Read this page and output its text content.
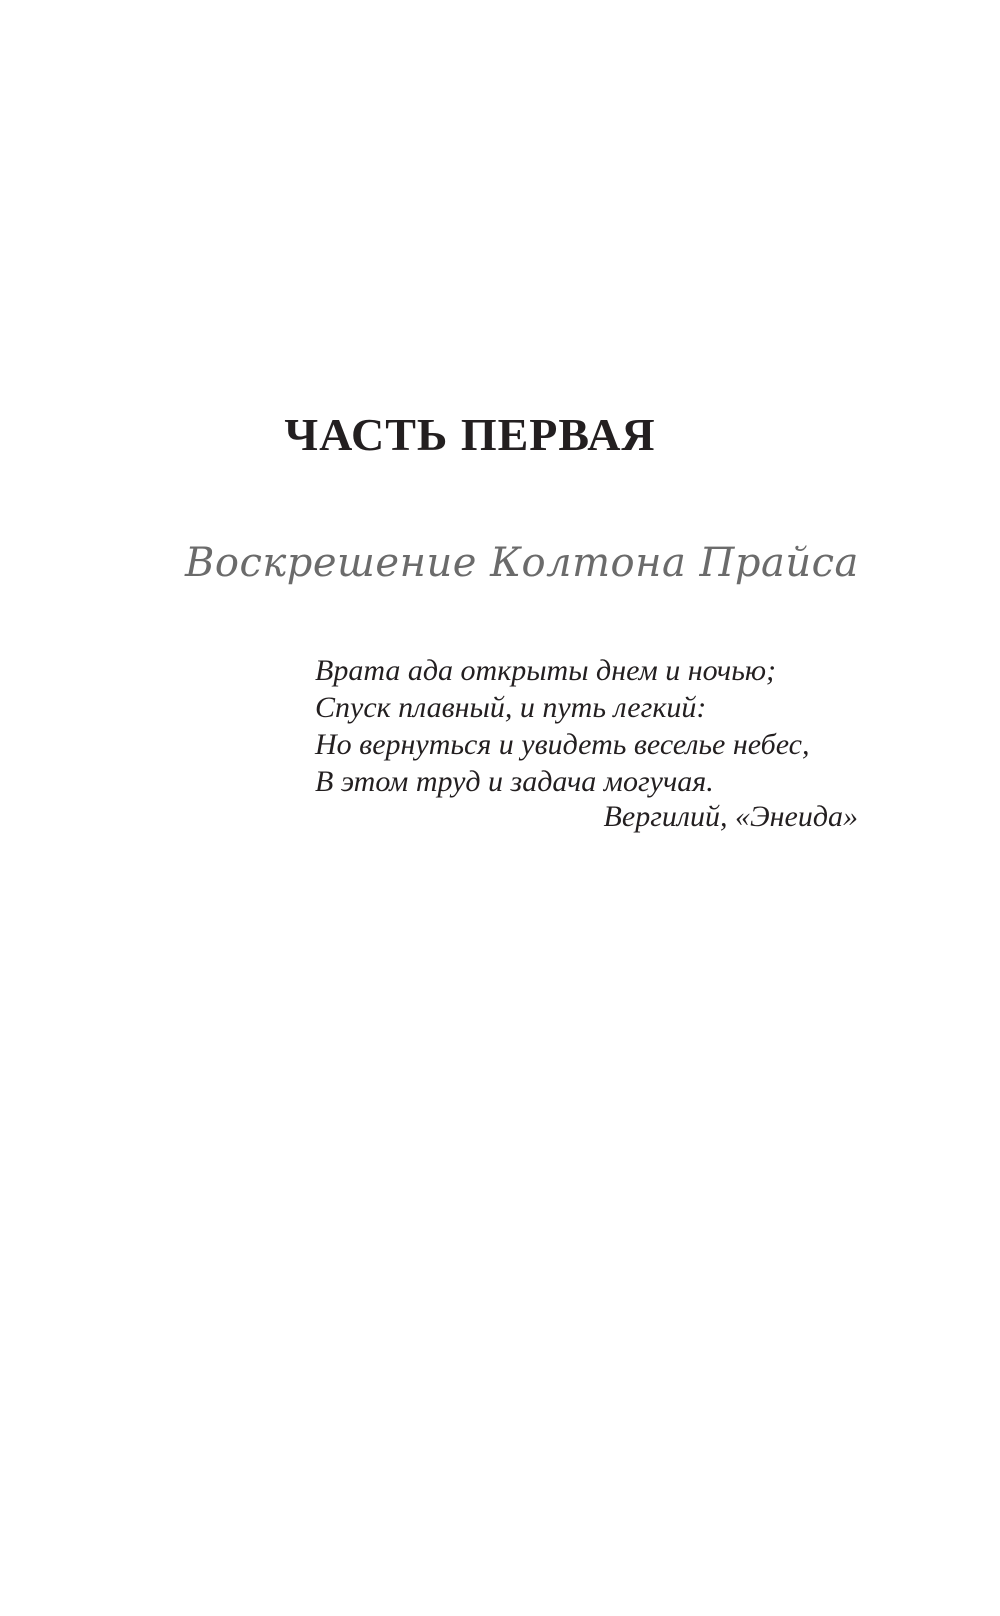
ЧАСТЬ ПЕРВАЯ
Воскрешение Колтона Прайса
Врата ада открыты днем и ночью;
Спуск плавный, и путь легкий:
Но вернуться и увидеть веселье небес,
В этом труд и задача могучая.
Вергилий, «Энеида»
